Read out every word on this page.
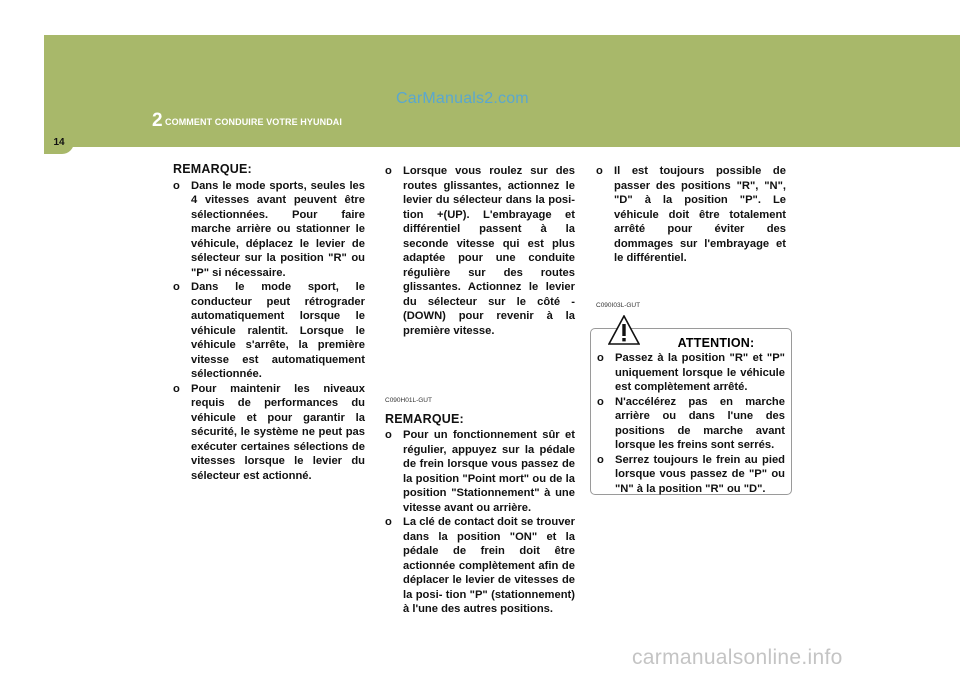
14
CarManuals2.com
2 COMMENT CONDUIRE VOTRE HYUNDAI
REMARQUE:
o Dans le mode sports, seules les 4 vitesses avant peuvent être sélectionnées. Pour faire marche arrière ou stationner le véhicule, déplacez le levier de sélecteur sur la position "R" ou "P" si nécessaire.
o Dans le mode sport, le conducteur peut rétrograder automatiquement lorsque le véhicule ralentit. Lorsque le véhicule s'arrête, la première vitesse est automatiquement sélectionnée.
o Pour maintenir les niveaux requis de performances du véhicule et pour garantir la sécurité, le système ne peut pas exécuter certaines sélections de vitesses lorsque le levier du sélecteur est actionné.
o Lorsque vous roulez sur des routes glissantes, actionnez le levier du sélecteur dans la posi- tion +(UP). L'embrayage et différentiel passent à la seconde vitesse qui est plus adaptée pour une conduite régulière sur des routes glissantes. Actionnez le levier du sélecteur sur le côté -(DOWN) pour revenir à la première vitesse.
C090H01L-GUT
REMARQUE:
o Pour un fonctionnement sûr et régulier, appuyez sur la pédale de frein lorsque vous passez de la position "Point mort" ou de la position "Stationnement" à une vitesse avant ou arrière.
o La clé de contact doit se trouver dans la position "ON" et la pédale de frein doit être actionnée complètement afin de déplacer le levier de vitesses de la posi- tion "P" (stationnement) à l'une des autres positions.
o Il est toujours possible de passer des positions "R", "N", "D" à la position "P". Le véhicule doit être totalement arrêté pour éviter des dommages sur l'embrayage et le différentiel.
C090I03L-GUT
ATTENTION:
o Passez à la position "R" et "P" uniquement lorsque le véhicule est complètement arrêté.
o N'accélérez pas en marche arrière ou dans l'une des positions de marche avant lorsque les freins sont serrés.
o Serrez toujours le frein au pied lorsque vous passez de "P" ou "N" à la position "R" ou "D".
carmanualsonline.info
